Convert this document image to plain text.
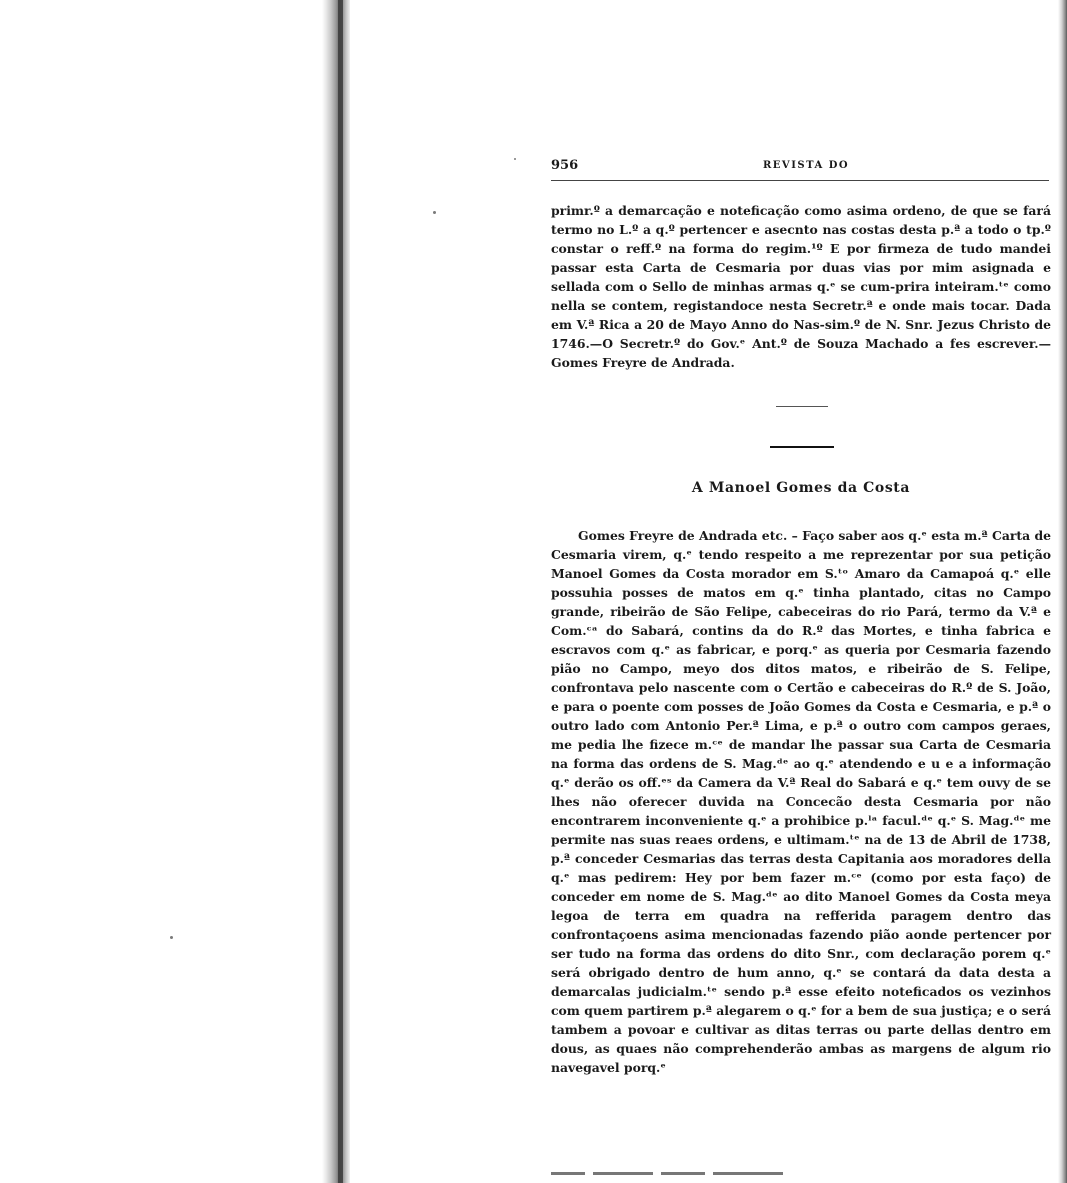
956	REVISTA DO

primr.º a demarcação e noteficação como asima ordeno, de que se fará termo no L.º a q.º pertencer e asecnto nas costas desta p.ª a todo o tp.º constar o reff.º na forma do regim.¹º E por firmeza de tudo mandei passar esta Carta de Cesmaria por duas vias por mim asignada e sellada com o Sello de minhas armas q.ᵉ se cum-prira inteiram.ᵗᵉ como nella se contem, registandoce nesta Secretr.ª e onde mais tocar. Dada em V.ª Rica a 20 de Mayo Anno do Nas-sim.º de N. Snr. Jezus Christo de 1746.—O Secretr.º do Gov.ᵉ Ant.º de Souza Machado a fes escrever.—Gomes Freyre de Andrada.

A Manoel Gomes da Costa

Gomes Freyre de Andrada etc. – Faço saber aos q.ᵉ esta m.ª Carta de Cesmaria virem, q.ᵉ tendo respeito a me reprezentar por sua petição Manoel Gomes da Costa morador em S.ᵗᵒ Amaro da Camapoá q.ᵉ elle possuhia posses de matos em q.ᵉ tinha plantado, citas no Campo grande, ribeirão de São Felipe, cabeceiras do rio Pará, termo da V.ª e Com.ᶜᵃ do Sabará, contins da do R.º das Mortes, e tinha fabrica e escravos com q.ᵉ as fabricar, e porq.ᵉ as queria por Cesmaria fazendo pião no Campo, meyo dos ditos matos, e ribeirão de S. Felipe, confrontava pelo nascente com o Certão e cabeceiras do R.º de S. João, e para o poente com posses de João Gomes da Costa e Cesmaria, e p.ª o outro lado com Antonio Per.ª Lima, e p.ª o outro com campos geraes, me pedia lhe fizece m.ᶜᵉ de mandar lhe passar sua Carta de Cesmaria na forma das ordens de S. Mag.ᵈᵉ ao q.ᵉ atendendo e u e a informação q.ᵉ derão os off.ᵉˢ da Camera da V.ª Real do Sabará e q.ᵉ tem ouvy de se lhes não oferecer duvida na Concecão desta Cesmaria por não encontrarem inconveniente q.ᵉ a prohibice p.ˡᵃ facul.ᵈᵉ q.ᵉ S. Mag.ᵈᵉ me permite nas suas reaes ordens, e ultimam.ᵗᵉ na de 13 de Abril de 1738, p.ª conceder Cesmarias das terras desta Capitania aos moradores della q.ᵉ mas pedirem: Hey por bem fazer m.ᶜᵉ (como por esta faço) de conceder em nome de S. Mag.ᵈᵉ ao dito Manoel Gomes da Costa meya legoa de terra em quadra na refferida paragem dentro das confrontaçoens asima mencionadas fazendo pião aonde pertencer por ser tudo na forma das ordens do dito Snr., com declaração porem q.ᵉ será obrigado dentro de hum anno, q.ᵉ se contará da data desta a demarcalas judicialm.ᵗᵉ sendo p.ª esse efeito noteficados os vezinhos com quem partirem p.ª alegarem o q.ᵉ for a bem de sua justiça; e o será tambem a povoar e cultivar as ditas terras ou parte dellas dentro em dous, as quaes não comprehenderão ambas as margens de algum rio navegavel porq.ᵉ
